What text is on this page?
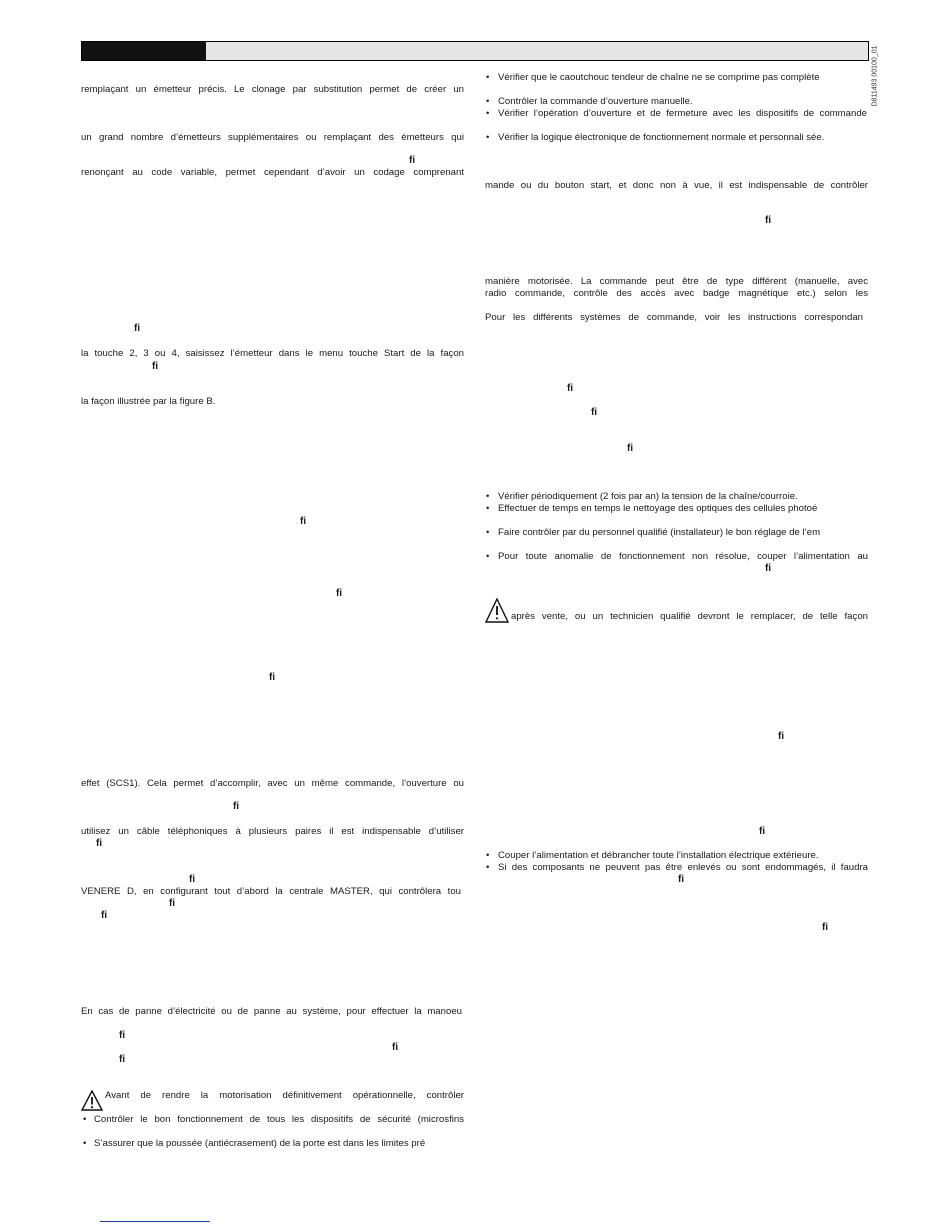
D811493 00100_01
remplaçant un émetteur précis. Le clonage par substitution permet de créer un
un grand nombre d’émetteurs supplémentaires ou remplaçant des émetteurs qui
ﬁ
renonçant au code variable, permet cependant d’avoir un codage comprenant
ﬁ
la touche 2, 3 ou 4, saisissez l’émetteur dans le menu touche Start de la façon
ﬁ
la façon illustrée par la figure B.
ﬁ
ﬁ
ﬁ
effet (SCS1). Cela permet d’accomplir, avec un même commande, l’ouverture ou
ﬁ
utilisez un câble téléphoniques à plusieurs paires il est indispensable d’utiliser
ﬁ
ﬁ
VENERE D, en configurant tout d’abord la centrale MASTER, qui contrôlera tou
ﬁ
ﬁ
En cas de panne d’électricité ou de panne au système, pour effectuer la manoeu
ﬁ
ﬁ
ﬁ
Avant de rendre la motorisation définitivement opérationnelle, contrôler
• Contrôler le bon fonctionnement de tous les dispositifs de sécurité (microsfins
• S’assurer que la poussée (antiécrasement) de la porte est dans les limites pré
• Vérifier que le caoutchouc tendeur de chaîne ne se comprime pas complète
• Contrôler la commande d’ouverture manuelle.
• Vérifier l’opération d’ouverture et de fermeture avec les dispositifs de commande
• Vérifier la logique électronique de fonctionnement normale et personnali sée.
mande ou du bouton start, et donc non à vue, il est indispensable de contrôler
ﬁ
manière motorisée. La commande peut être de type différent (manuelle, avec
radio commande, contrôle des accès avec badge magnétique etc.) selon les
Pour les différents systèmes de commande, voir les instructions correspondan
ﬁ
ﬁ
ﬁ
• Vérifier périodiquement (2 fois par an) la tension de la chaîne/courroie.
• Effectuer de temps en temps le nettoyage des optiques des cellules photoé
• Faire contrôler par du personnel qualifié (installateur) le bon réglage de l’em
• Pour toute anomalie de fonctionnement non résolue, couper l’alimentation au
ﬁ
après vente, ou un technicien qualifié devront le remplacer, de telle façon
ﬁ
ﬁ
• Couper l’alimentation et débrancher toute l’installation électrique extérieure.
• Si des composants ne peuvent pas être enlevés ou sont endommagés, il faudra
ﬁ
ﬁ
